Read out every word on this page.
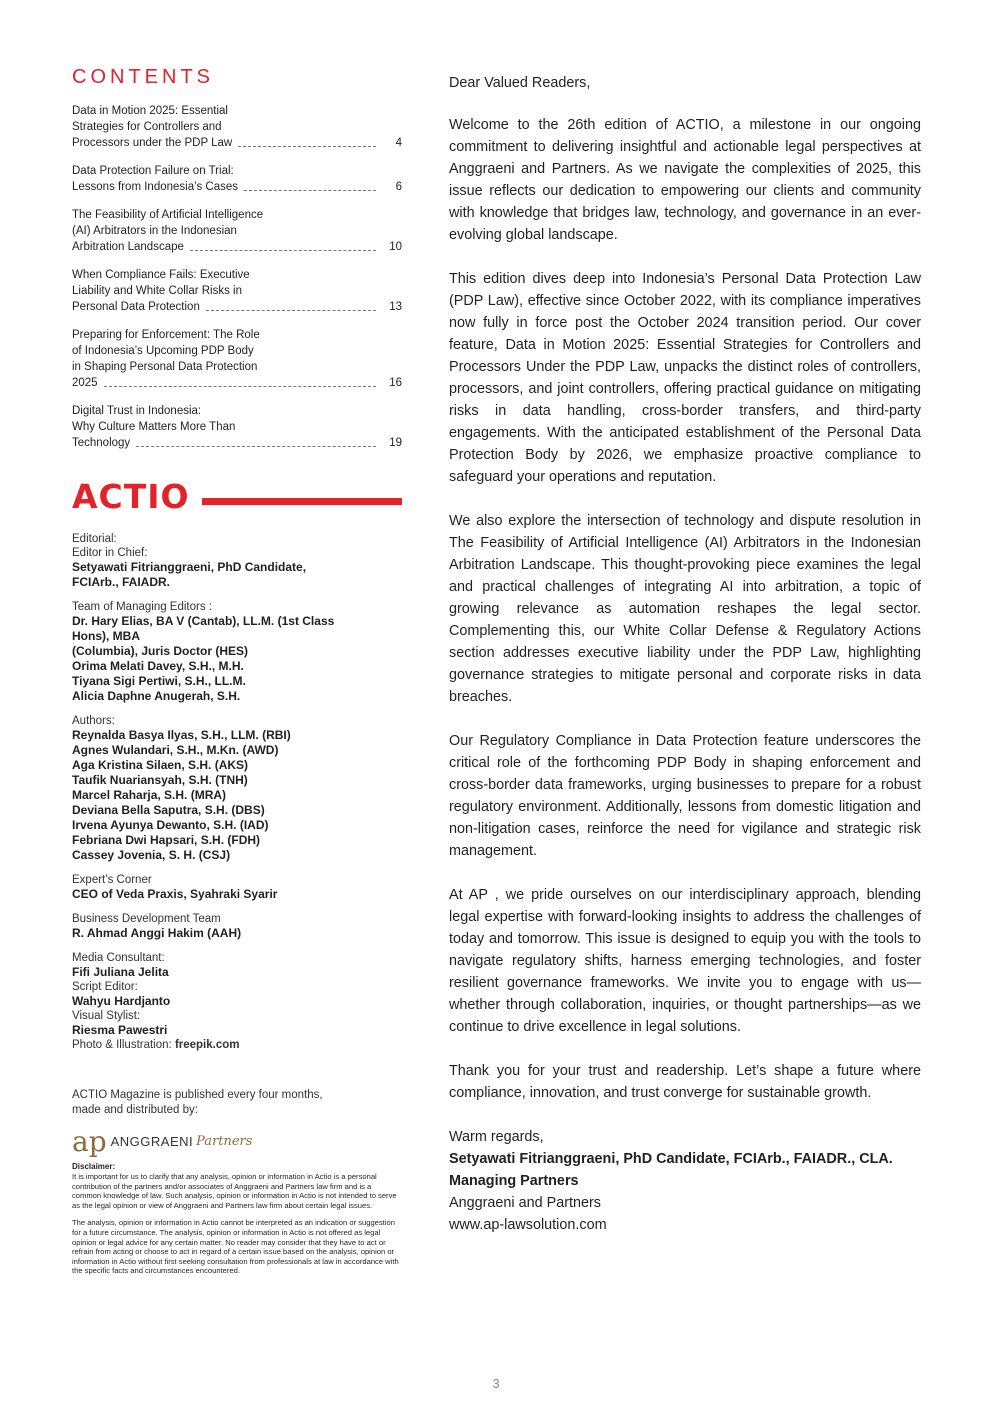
CONTENTS
Data in Motion 2025: Essential
Strategies for Controllers and
Processors under the PDP Law	4
Data Protection Failure on Trial:
Lessons from Indonesia’s Cases	6
The Feasibility of Artificial Intelligence
(AI) Arbitrators in the Indonesian
Arbitration Landscape	10
When Compliance Fails: Executive
Liability and White Collar Risks in
Personal Data Protection	13
Preparing for Enforcement: The Role
of Indonesia’s Upcoming PDP Body
in Shaping Personal Data Protection
2025	16
Digital Trust in Indonesia:
Why Culture Matters More Than
Technology	19
ACTIO
Editorial:
Editor in Chief:
Setyawati Fitrianggraeni, PhD Candidate,
FCIArb., FAIADR.
Team of Managing Editors :
Dr. Hary Elias, BA V (Cantab), LL.M. (1st Class
Hons), MBA
(Columbia), Juris Doctor (HES)
Orima Melati Davey, S.H., M.H.
Tiyana Sigi Pertiwi, S.H., LL.M.
Alicia Daphne Anugerah, S.H.
Authors:
Reynalda Basya Ilyas, S.H., LLM. (RBI)
Agnes Wulandari, S.H., M.Kn. (AWD)
Aga Kristina Silaen, S.H. (AKS)
Taufik Nuariansyah, S.H. (TNH)
Marcel Raharja, S.H. (MRA)
Deviana Bella Saputra, S.H. (DBS)
Irvena Ayunya Dewanto, S.H. (IAD)
Febriana Dwi Hapsari, S.H. (FDH)
Cassey Jovenia, S. H. (CSJ)
Expert’s Corner
CEO of Veda Praxis, Syahraki Syarir
Business Development Team
R. Ahmad Anggi Hakim (AAH)
Media Consultant:
Fifi Juliana Jelita
Script Editor:
Wahyu Hardjanto
Visual Stylist:
Riesma Pawestri
Photo & Illustration: freepik.com
ACTIO Magazine is published every four months,
made and distributed by:
ap ANGGRAENI Partners
Disclaimer:

It is important for us to clarify that any analysis, opinion or information in Actio is a personal contribution of the partners and/or associates of Anggraeni and Partners law firm and is a common knowledge of law. Such analysis, opinion or information in Actio is not intended to serve as the legal opinion or view of Anggraeni and Partners law firm about certain legal issues.

The analysis, opinion or information in Actio cannot be interpreted as an indication or suggestion for a future circumstance. The analysis, opinion or information in Actio is not offered as legal opinion or legal advice for any certain matter. No reader may consider that they have to act or refrain from acting or choose to act in regard of a certain issue based on the analysis, opinion or information in Actio without first seeking consultation from professionals at law in accordance with the specific facts and circumstances encountered.

Dear Valued Readers,

Welcome to the 26th edition of ACTIO, a milestone in our ongoing commitment to delivering insightful and actionable legal perspectives at Anggraeni and Partners. As we navigate the complexities of 2025, this issue reflects our dedication to empowering our clients and community with knowledge that bridges law, technology, and governance in an ever-evolving global landscape.

This edition dives deep into Indonesia’s Personal Data Protection Law (PDP Law), effective since October 2022, with its compliance imperatives now fully in force post the October 2024 transition period. Our cover feature, Data in Motion 2025: Essential Strategies for Controllers and Processors Under the PDP Law, unpacks the distinct roles of controllers, processors, and joint controllers, offering practical guidance on mitigating risks in data handling, cross-border transfers, and third-party engagements. With the anticipated establishment of the Personal Data Protection Body by 2026, we emphasize proactive compliance to safeguard your operations and reputation.

We also explore the intersection of technology and dispute resolution in The Feasibility of Artificial Intelligence (AI) Arbitrators in the Indonesian Arbitration Landscape. This thought-provoking piece examines the legal and practical challenges of integrating AI into arbitration, a topic of growing relevance as automation reshapes the legal sector. Complementing this, our White Collar Defense & Regulatory Actions section addresses executive liability under the PDP Law, highlighting governance strategies to mitigate personal and corporate risks in data breaches.

Our Regulatory Compliance in Data Protection feature underscores the critical role of the forthcoming PDP Body in shaping enforcement and cross-border data frameworks, urging businesses to prepare for a robust regulatory environment. Additionally, lessons from domestic litigation and non-litigation cases, reinforce the need for vigilance and strategic risk management.

At AP , we pride ourselves on our interdisciplinary approach, blending legal expertise with forward-looking insights to address the challenges of today and tomorrow. This issue is designed to equip you with the tools to navigate regulatory shifts, harness emerging technologies, and foster resilient governance frameworks. We invite you to engage with us—whether through collaboration, inquiries, or thought partnerships—as we continue to drive excellence in legal solutions.

Thank you for your trust and readership. Let’s shape a future where compliance, innovation, and trust converge for sustainable growth.

Warm regards,
Setyawati Fitrianggraeni, PhD Candidate, FCIArb., FAIADR., CLA.
Managing Partners
Anggraeni and Partners
www.ap-lawsolution.com
3
